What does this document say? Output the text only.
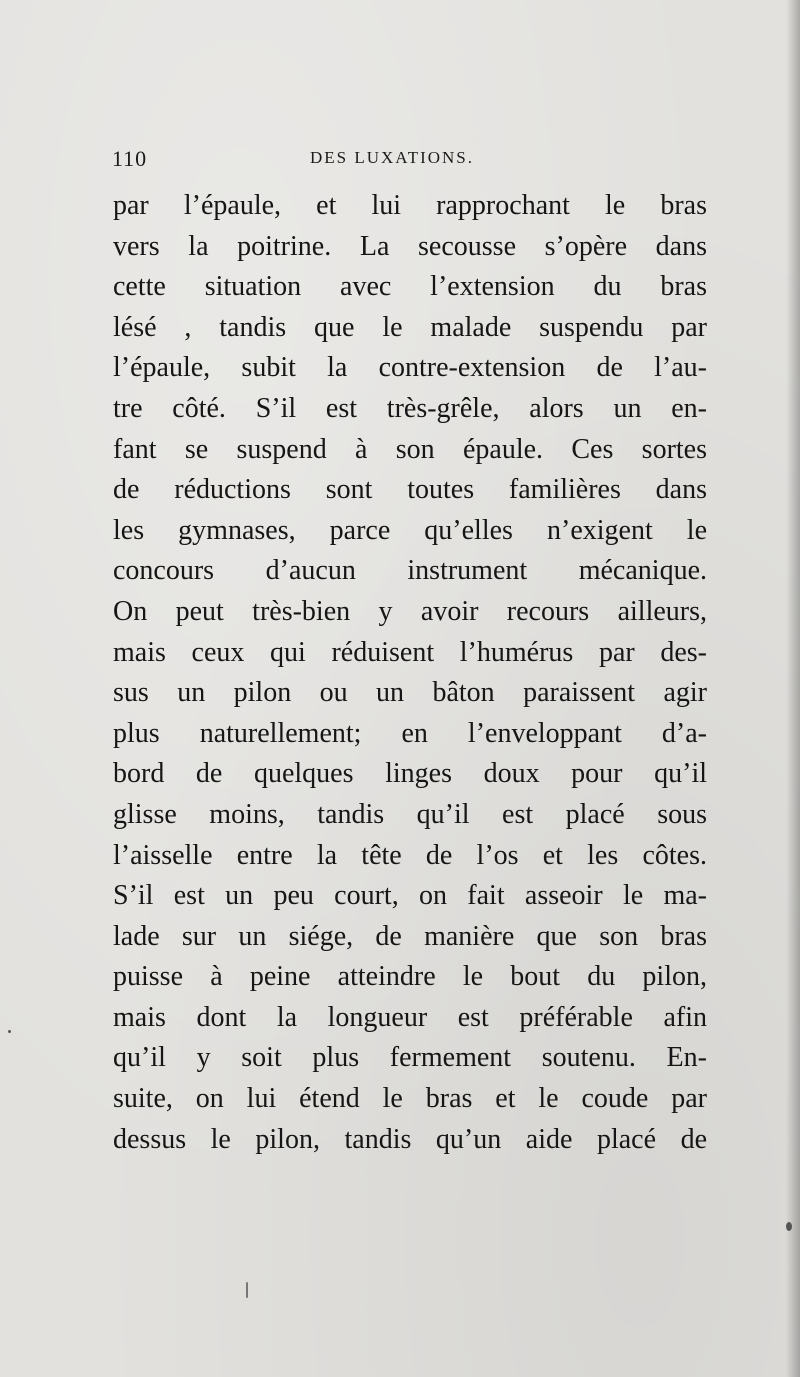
110	DES LUXATIONS.
par l’épaule, et lui rapprochant le bras
vers la poitrine. La secousse s’opère dans
cette situation avec l’extension du bras
lésé , tandis que le malade suspendu par
l’épaule, subit la contre-extension de l’au-
tre côté. S’il est très-grêle, alors un en-
fant se suspend à son épaule. Ces sortes
de réductions sont toutes familières dans
les gymnases, parce qu’elles n’exigent le
concours d’aucun instrument mécanique.
On peut très-bien y avoir recours ailleurs,
mais ceux qui réduisent l’humérus par des-
sus un pilon ou un bâton paraissent agir
plus naturellement; en l’enveloppant d’a-
bord de quelques linges doux pour qu’il
glisse moins, tandis qu’il est placé sous
l’aisselle entre la tête de l’os et les côtes.
S’il est un peu court, on fait asseoir le ma-
lade sur un siége, de manière que son bras
puisse à peine atteindre le bout du pilon,
mais dont la longueur est préférable afin
qu’il y soit plus fermement soutenu. En-
suite, on lui étend le bras et le coude par
dessus le pilon, tandis qu’un aide placé de
